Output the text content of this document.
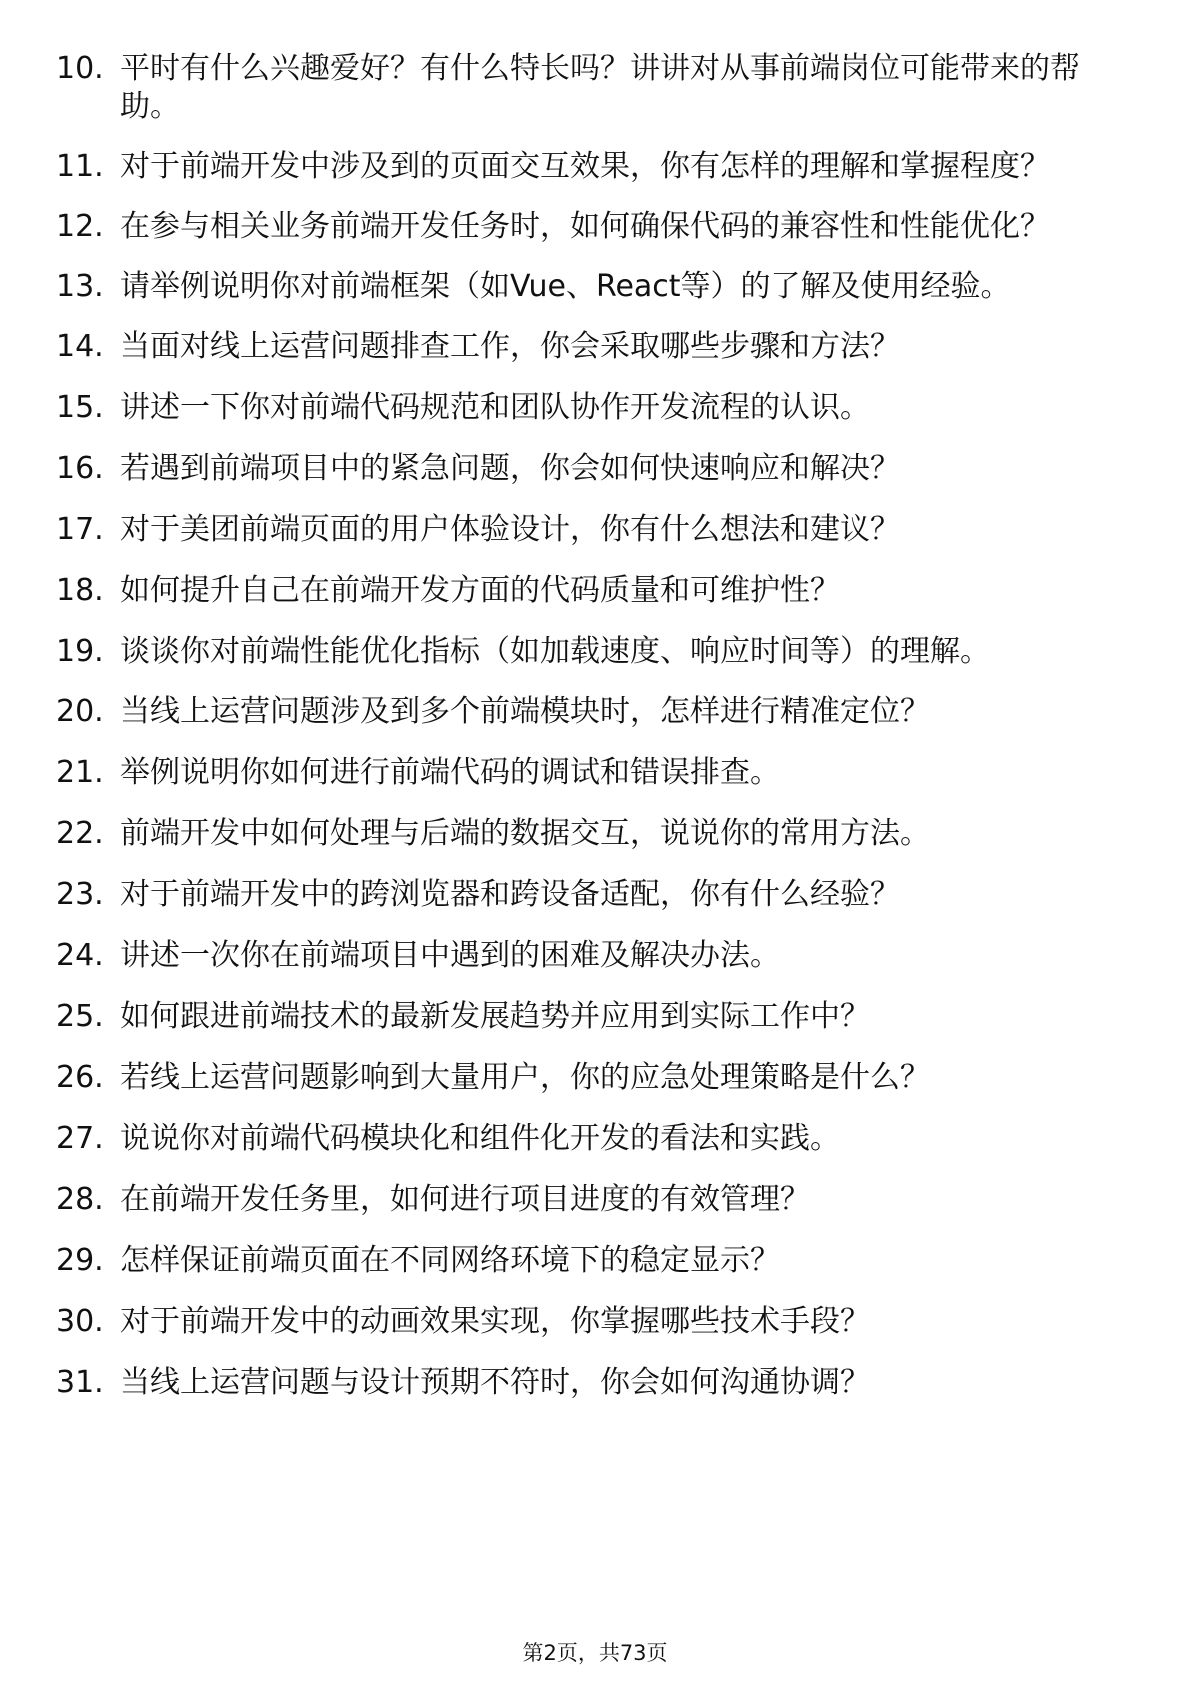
10. 平时有什么兴趣爱好？有什么特长吗？讲讲对从事前端岗位可能带来的帮助。
11. 对于前端开发中涉及到的页面交互效果，你有怎样的理解和掌握程度？
12. 在参与相关业务前端开发任务时，如何确保代码的兼容性和性能优化？
13. 请举例说明你对前端框架（如Vue、React等）的了解及使用经验。
14. 当面对线上运营问题排查工作，你会采取哪些步骤和方法？
15. 讲述一下你对前端代码规范和团队协作开发流程的认识。
16. 若遇到前端项目中的紧急问题，你会如何快速响应和解决？
17. 对于美团前端页面的用户体验设计，你有什么想法和建议？
18. 如何提升自己在前端开发方面的代码质量和可维护性？
19. 谈谈你对前端性能优化指标（如加载速度、响应时间等）的理解。
20. 当线上运营问题涉及到多个前端模块时，怎样进行精准定位？
21. 举例说明你如何进行前端代码的调试和错误排查。
22. 前端开发中如何处理与后端的数据交互，说说你的常用方法。
23. 对于前端开发中的跨浏览器和跨设备适配，你有什么经验？
24. 讲述一次你在前端项目中遇到的困难及解决办法。
25. 如何跟进前端技术的最新发展趋势并应用到实际工作中？
26. 若线上运营问题影响到大量用户，你的应急处理策略是什么？
27. 说说你对前端代码模块化和组件化开发的看法和实践。
28. 在前端开发任务里，如何进行项目进度的有效管理？
29. 怎样保证前端页面在不同网络环境下的稳定显示？
30. 对于前端开发中的动画效果实现，你掌握哪些技术手段？
31. 当线上运营问题与设计预期不符时，你会如何沟通协调？
第2页，共73页
